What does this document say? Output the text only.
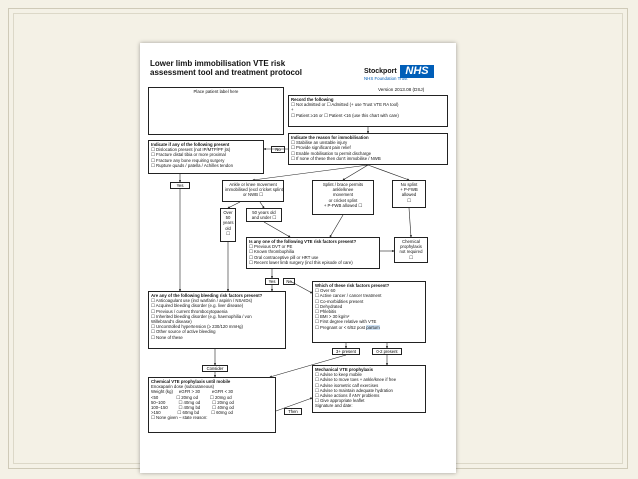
Lower limb immobilisation VTE risk
assessment tool and treatment protocol	Stockport NHS
NHS Foundation Trust
Version 2013.08 (DSJ)
Place patient label here
Record the following
☐ Not admitted or ☐ Admitted (+ use Trust VTE RA tool)
+
☐ Patient ≥16 or ☐ Patient <16 (use this chart with care)
Indicate the reason for immobilisation
☐ Stabilise an unstable injury
☐ Provide significant pain relief
☐ Enable mobilisation to permit discharge
☐ If none of these then don't immobilise / NWB
Indicate if any of the following present
☐ Dislocation present (not IP/MTP/PF jts)
☐ Fracture distal tibia or more proximal
☐ Fracture any bone requiring surgery
☐ Rupture quads / patella / Achilles tendon
No
Yes	Ankle or knee movement
immobilised (excl cricket splint)
or NWB ☐
Splint / brace permits
ankle/knee
movement
or cricket splint
+ P-FWB allowed ☐
No splint
+ P-FWB
allowed
☐
Over
50
years
old
☐
50 years old
and under ☐
Is any one of the following VTE risk factors present?
☐ Previous DVT or PE
☐ Known thrombophilia
☐ Oral contraceptive pill or HRT use
☐ Recent lower limb surgery (incl this episode of care)
Chemical
prophylaxis
not required
☐
Yes	No
Are any of the following bleeding risk factors present?
☐ Anticoagulant use (incl warfarin / aspirin / NSAIDs)
☐ Acquired bleeding disorder (e.g. liver disease)
☐ Previous / current thrombocytopaenia
☐ Inherited bleeding disorder (e.g. haemophilia / von
Willebrand's disease)
☐ Uncontrolled hypertension (≥ 230/120 mmHg)
☐ Other source of active bleeding
☐ None of these
Which of these risk factors present?
☐ Over 60
☐ Active cancer / cancer treatment
☐ Co-morbidities present
☐ Dehydrated
☐ Phlebitis
☐ BMI > 30 kg/m²
☐ First degree relative with VTE
☐ Pregnant or < 6/52 post partum
3+ present	0-2 present
Consider
Chemical VTE prophylaxis until mobile
Enoxaparin dose (subcutaneous)
Weight (kg)     eGFR > 30          eGFR < 30
<50               ☐ 20mg od          ☐ 20mg od
50–100           ☐ 40mg od          ☐ 20mg od
100–150         ☐ 40mg bd          ☐ 40mg od
>150              ☐ 60mg bd          ☐ 60mg od
☐ None given – state reason:
Then
Mechanical VTE prophylaxis
☐ Advise to keep mobile
☐ Advise to move toes + ankle/knee if free
☐ Advise isometric calf exercises
☐ Advise to maintain adequate hydration
☐ Advise actions if ANY problems
☐ Give appropriate leaflet
Signature and date:
